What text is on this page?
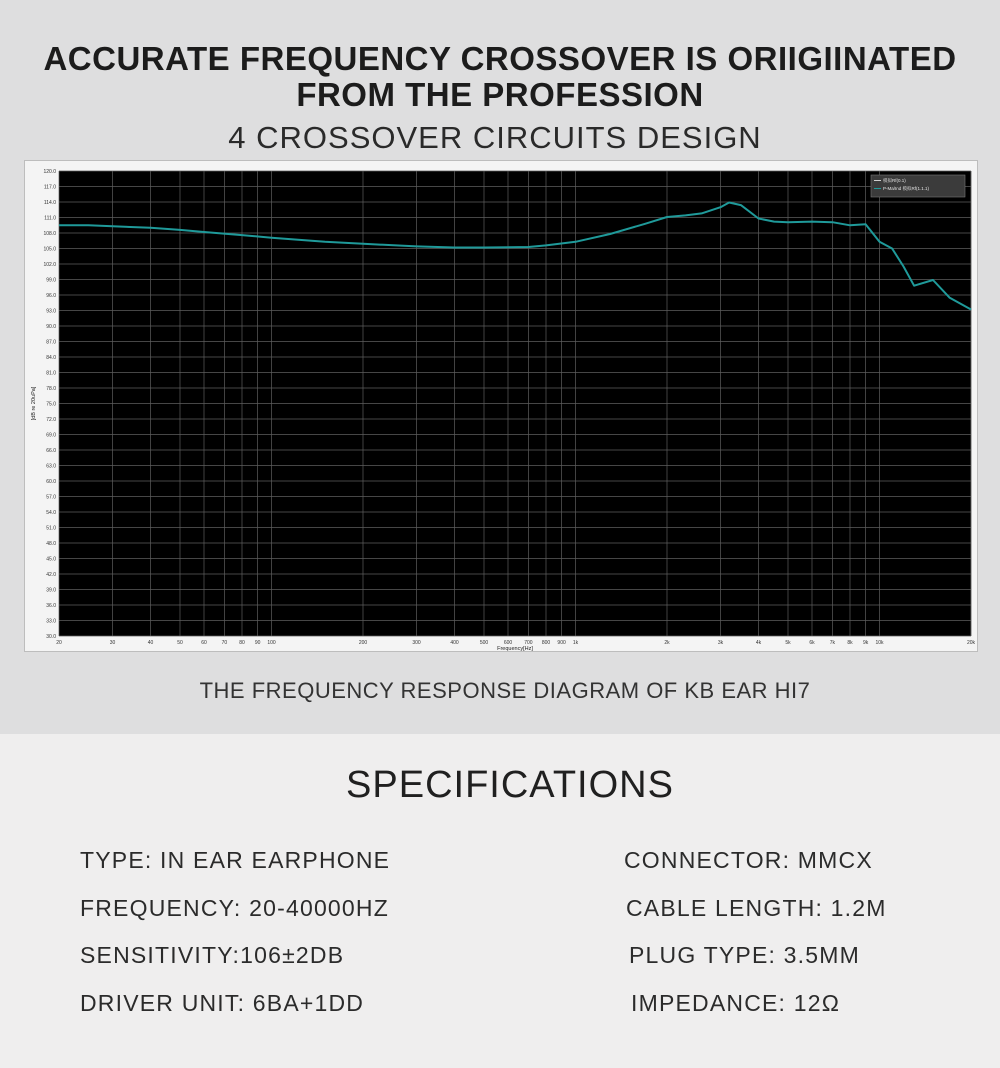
ACCURATE FREQUENCY CROSSOVER IS ORIIGIINATED
FROM THE PROFESSION
4 CROSSOVER CIRCUITS DESIGN
120.0
117.0
114.0
111.0
108.0
105.0
102.0
99.0
96.0
93.0
90.0
87.0
84.0
81.0
78.0
75.0
72.0
69.0
66.0
63.0
60.0
57.0
54.0
51.0
48.0
45.0
42.0
39.0
36.0
33.0
30.0
20	30	40	50	60	70 80 90 100	200	300	400	500	600 700 800 900 1k	2k	3k	4k	5k	6k	7k 8k 9k 10k	20k
Frequency[Hz]
[dB re 20uPa]
模拟Rf(0.1)
P-Ma/Ind 模拟Rf(1.1.1)
THE FREQUENCY RESPONSE DIAGRAM OF KB EAR HI7
SPECIFICATIONS
TYPE: IN EAR EARPHONE
FREQUENCY: 20-40000HZ
SENSITIVITY:106±2DB
DRIVER UNIT: 6BA+1DD
CONNECTOR: MMCX
CABLE LENGTH: 1.2M
PLUG TYPE: 3.5MM
IMPEDANCE: 12Ω
